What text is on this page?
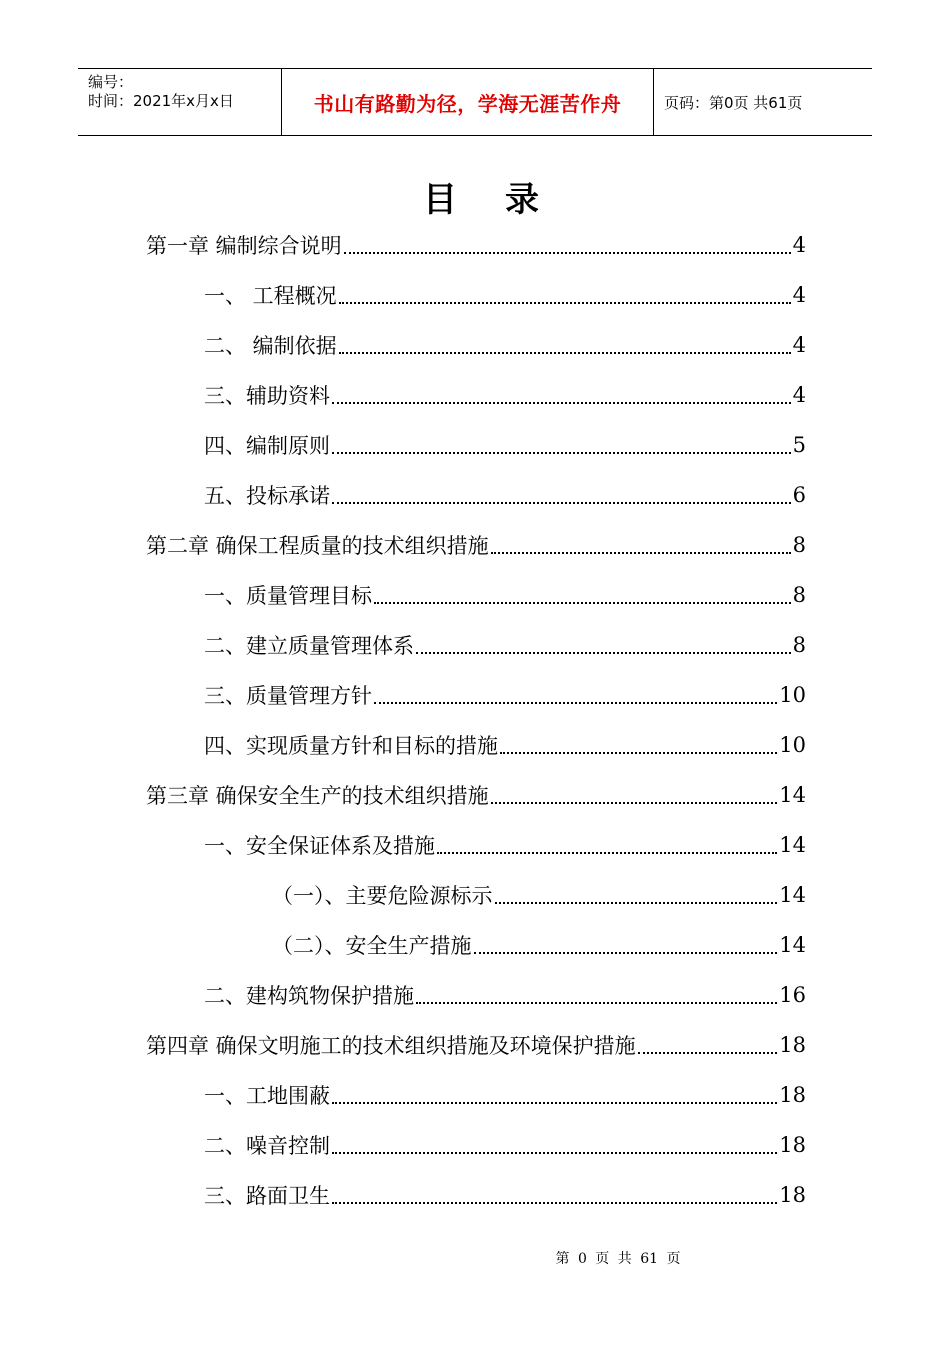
编号：
时间：2021年x月x日	书山有路勤为径，学海无涯苦作舟	页码：第0页 共61页
目录
第一章 编制综合说明	4
一、 工程概况	4
二、 编制依据	4
三、辅助资料	4
四、编制原则	5
五、投标承诺	6
第二章 确保工程质量的技术组织措施	8
一、质量管理目标	8
二、建立质量管理体系	8
三、质量管理方针	10
四、实现质量方针和目标的措施	10
第三章 确保安全生产的技术组织措施	14
一、安全保证体系及措施	14
（一）、主要危险源标示	14
（二）、安全生产措施	14
二、建构筑物保护措施	16
第四章 确保文明施工的技术组织措施及环境保护措施	18
一、工地围蔽	18
二、噪音控制	18
三、路面卫生	18
第 0 页 共 61 页
